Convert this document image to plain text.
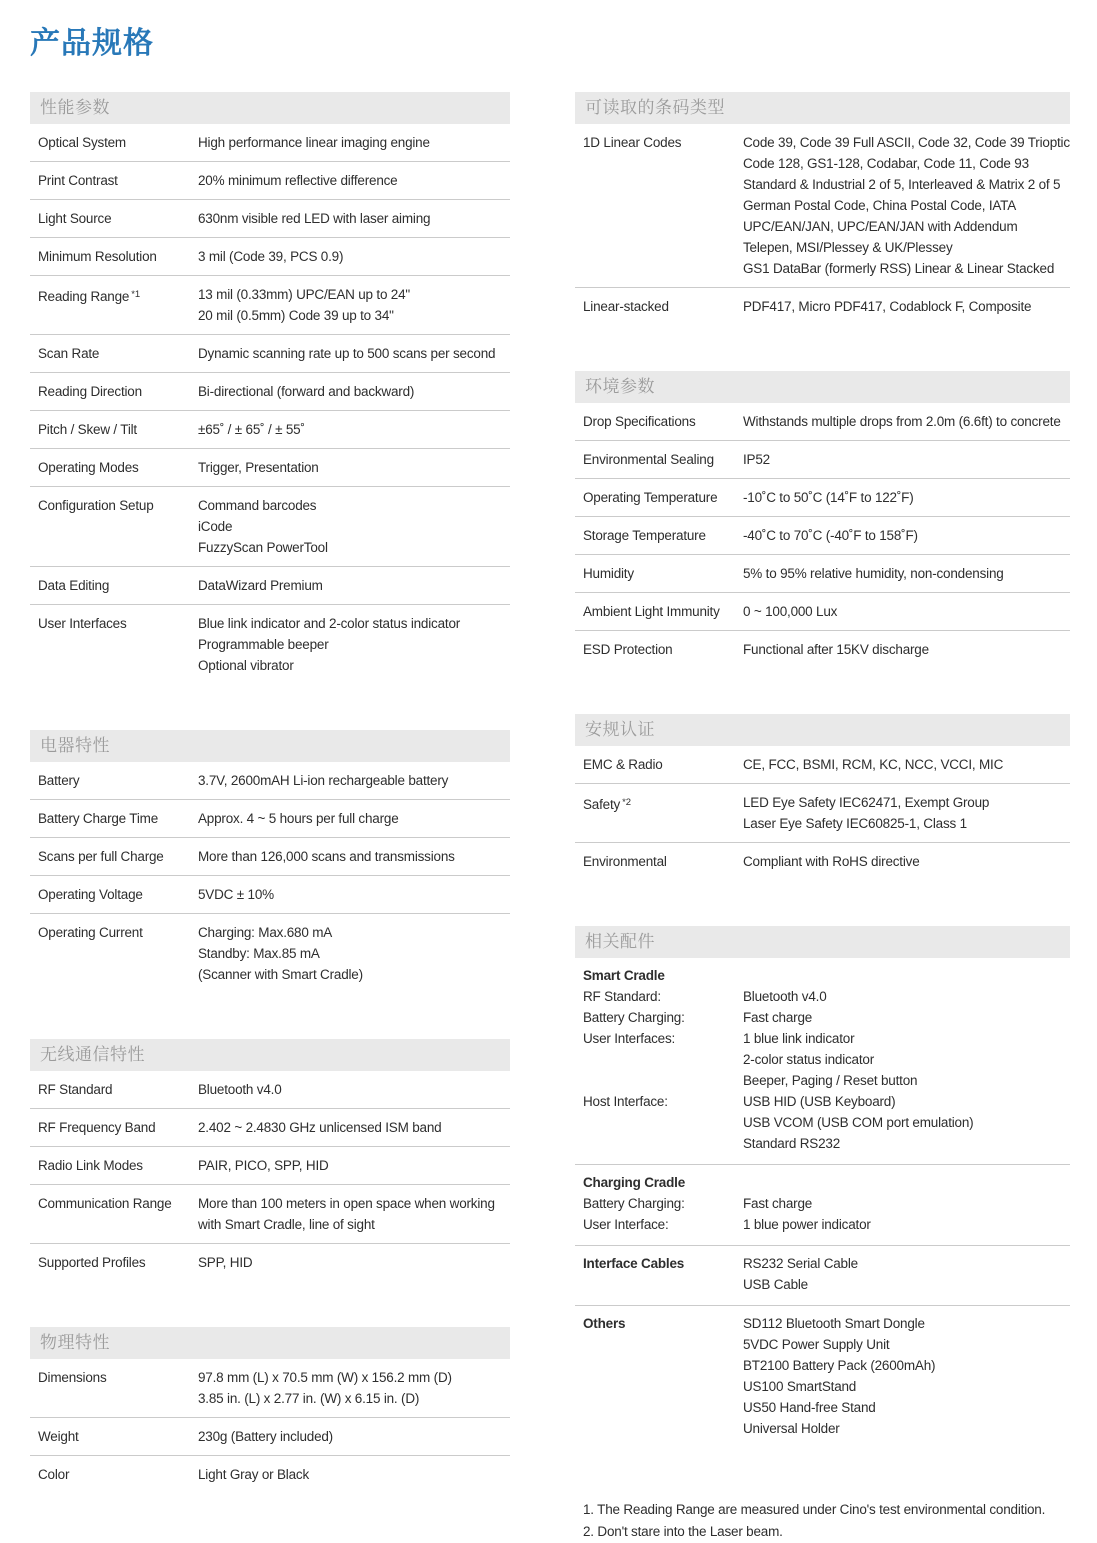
产品规格
性能参数
Optical System	High performance linear imaging engine
Print Contrast	20% minimum reflective difference
Light Source	630nm visible red LED with laser aiming
Minimum Resolution	3 mil (Code 39, PCS 0.9)
Reading Range $^{*1}$	13 mil (0.33mm) UPC/EAN up to 24"
20 mil (0.5mm) Code 39 up to 34"
Scan Rate	Dynamic scanning rate up to 500 scans per second
Reading Direction	Bi-directional (forward and backward)
Pitch / Skew / Tilt	±65˚ / ± 65˚ / ± 55˚
Operating Modes	Trigger, Presentation
Configuration Setup	Command barcodes
iCode
FuzzyScan PowerTool
Data Editing	DataWizard Premium
User Interfaces	Blue link indicator and 2-color status indicator
Programmable beeper
Optional vibrator
电器特性
Battery	3.7V, 2600mAH Li-ion rechargeable battery
Battery Charge Time	Approx. 4 ~ 5 hours per full charge
Scans per full Charge	More than 126,000 scans and transmissions
Operating Voltage	5VDC ± 10%
Operating Current	Charging: Max.680 mA
Standby: Max.85 mA
(Scanner with Smart Cradle)
无线通信特性
RF Standard	Bluetooth v4.0
RF Frequency Band	2.402 ~ 2.4830 GHz unlicensed ISM band
Radio Link Modes	PAIR, PICO, SPP, HID
Communication Range	More than 100 meters in open space when working
with Smart Cradle, line of sight
Supported Profiles	SPP, HID
物理特性
Dimensions	97.8 mm (L) x 70.5 mm (W) x 156.2 mm (D)
3.85 in. (L) x 2.77 in. (W) x 6.15 in. (D)
Weight	230g (Battery included)
Color	Light Gray or Black
可读取的条码类型
1D Linear Codes	Code 39, Code 39 Full ASCII, Code 32, Code 39 Trioptic
Code 128, GS1-128, Codabar, Code 11, Code 93
Standard & Industrial 2 of 5, Interleaved & Matrix 2 of 5
German Postal Code, China Postal Code, IATA
UPC/EAN/JAN, UPC/EAN/JAN with Addendum
Telepen, MSI/Plessey & UK/Plessey
GS1 DataBar (formerly RSS) Linear & Linear Stacked
Linear-stacked	PDF417, Micro PDF417, Codablock F, Composite
环境参数
Drop Specifications	Withstands multiple drops from 2.0m (6.6ft) to concrete
Environmental Sealing	IP52
Operating Temperature	-10˚C to 50˚C (14˚F to 122˚F)
Storage Temperature	-40˚C to 70˚C (-40˚F to 158˚F)
Humidity	5% to 95% relative humidity, non-condensing
Ambient Light Immunity	0 ~ 100,000 Lux
ESD Protection	Functional after 15KV discharge
安规认证
EMC & Radio	CE, FCC, BSMI, RCM, KC, NCC, VCCI, MIC
Safety $^{*2}$	LED Eye Safety IEC62471, Exempt Group
Laser Eye Safety IEC60825-1, Class 1
Environmental	Compliant with RoHS directive
相关配件
Smart Cradle
RF Standard:	Bluetooth v4.0
Battery Charging:	Fast charge
User Interfaces:	1 blue link indicator
2-color status indicator
Beeper, Paging / Reset button
Host Interface:	USB HID (USB Keyboard)
USB VCOM (USB COM port emulation)
Standard RS232
Charging Cradle
Battery Charging:	Fast charge
User Interface:	1 blue power indicator
Interface Cables	RS232 Serial Cable
USB Cable
Others	SD112 Bluetooth Smart Dongle
5VDC Power Supply Unit
BT2100 Battery Pack (2600mAh)
US100 SmartStand
US50 Hand-free Stand
Universal Holder
1. The Reading Range are measured under Cino's test environmental condition.
2. Don't stare into the Laser beam.
